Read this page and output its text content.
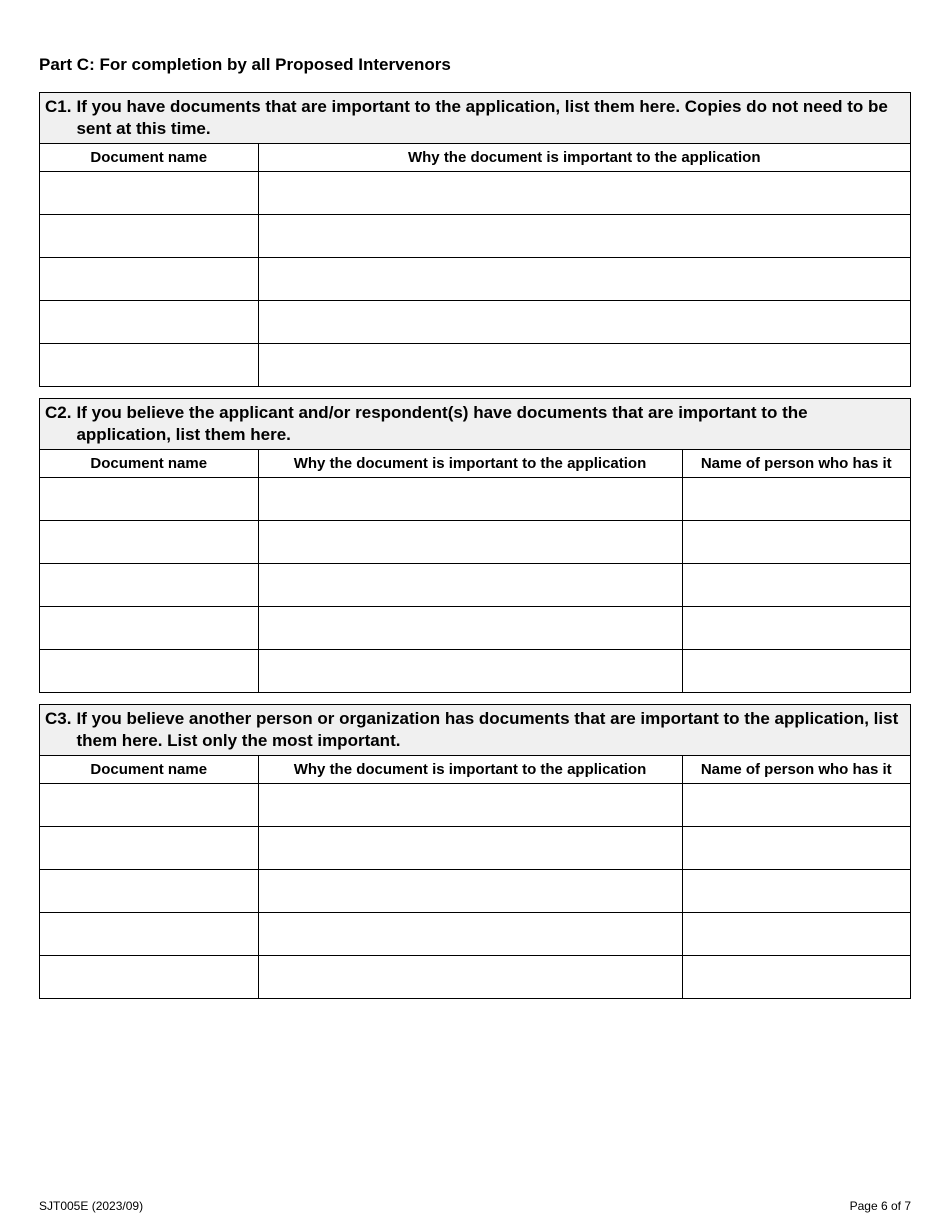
Part C: For completion by all Proposed Intervenors
C1. If you have documents that are important to the application, list them here. Copies do not need to be sent at this time.
Document name	Why the document is important to the application

C2. If you believe the applicant and/or respondent(s) have documents that are important to the application, list them here.
Document name	Why the document is important to the application	Name of person who has it

C3. If you believe another person or organization has documents that are important to the application, list them here. List only the most important.
Document name	Why the document is important to the application	Name of person who has it

SJT005E (2023/09)	Page 6 of 7
